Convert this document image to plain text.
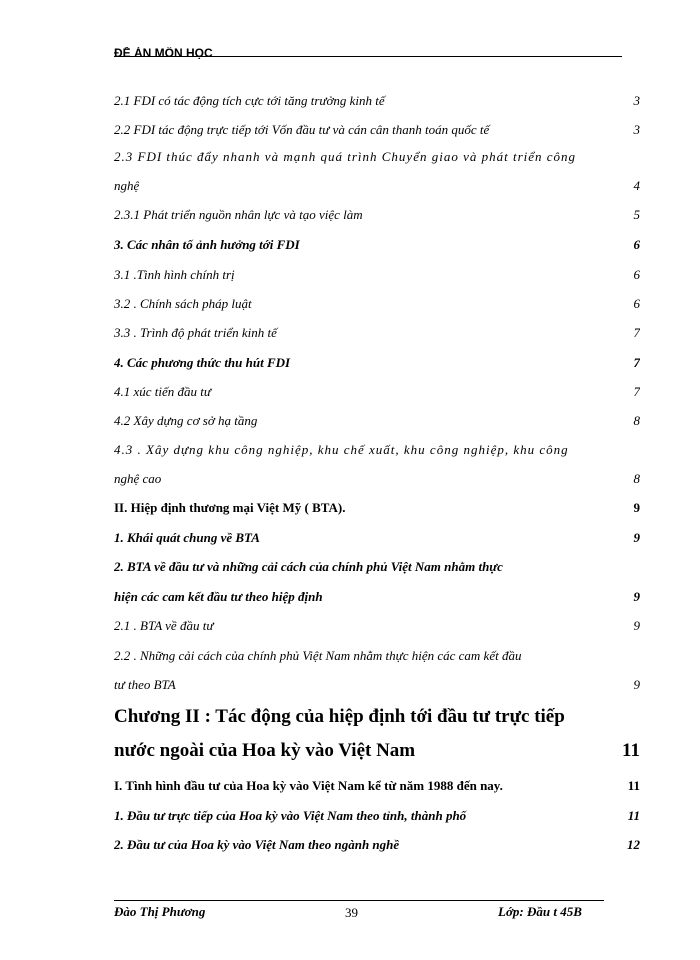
ĐỀ ÁN MÔN HỌC
2.1 FDI có tác động tích cực tới tăng trưởng kinh tế	3
2.2 FDI tác động trực tiếp tới Vốn đầu tư và cán cân thanh toán quốc tế	3
2.3 FDI thúc đẩy nhanh và mạnh quá trình Chuyển giao và phát triển công
nghệ	4
2.3.1 Phát triển nguồn nhân lực và tạo việc làm	5
3. Các nhân tố ảnh hưởng tới FDI	6
3.1 .Tình hình chính trị	6
3.2 . Chính sách pháp luật	6
3.3 . Trình độ phát triển kinh tế	7
4. Các phương thức thu hút FDI	7
4.1 xúc tiến đầu tư	7
4.2 Xây dựng cơ sở hạ tầng	8
4.3 . Xây dựng khu công nghiệp, khu chế xuất, khu công nghiệp, khu công
nghệ cao	8
II. Hiệp định thương mại Việt Mỹ ( BTA).	9
1. Khái quát chung về BTA	9
2. BTA về đầu tư và những cải cách của chính phủ Việt Nam nhằm thực
hiện các cam kết đầu tư theo hiệp định	9
2.1 . BTA về đầu tư	9
2.2 . Những cải cách của chính phủ Việt Nam nhằm thực hiện các cam kết đầu
tư theo BTA	9
Chương II : Tác động của hiệp định tới đầu tư trực tiếp
nước ngoài của Hoa kỳ vào Việt Nam	11
I. Tình hình đầu tư của Hoa kỳ vào Việt Nam kể từ năm 1988 đến nay.	11
1. Đầu tư trực tiếp của Hoa kỳ vào Việt Nam theo tỉnh, thành phố	11
2. Đầu tư của Hoa kỳ vào Việt Nam theo ngành nghề	12
Đào Thị Phương	39	Lớp: Đầu t 45B
